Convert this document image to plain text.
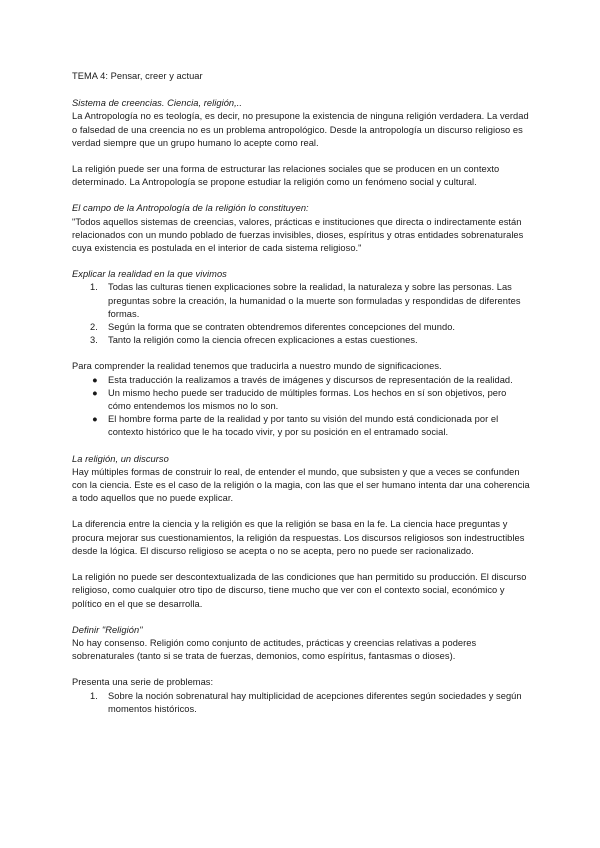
TEMA 4: Pensar, creer y actuar

Sistema de creencias. Ciencia, religión,..

La Antropología no es teología, es decir, no presupone la existencia de ninguna religión verdadera. La verdad o falsedad de una creencia no es un problema antropológico. Desde la antropología un discurso religioso es verdad siempre que un grupo humano lo acepte como real.

La religión puede ser una forma de estructurar las relaciones sociales que se producen en un contexto determinado. La Antropología se propone estudiar la religión como un fenómeno social y cultural.

El campo de la Antropología de la religión lo constituyen:

"Todos aquellos sistemas de creencias, valores, prácticas e instituciones que directa o indirectamente están relacionados con un mundo poblado de fuerzas invisibles, dioses, espíritus y otras entidades sobrenaturales cuya existencia es postulada en el interior de cada sistema religioso."

Explicar la realidad en la que vivimos

1. Todas las culturas tienen explicaciones sobre la realidad, la naturaleza y sobre las personas. Las preguntas sobre la creación, la humanidad o la muerte son formuladas y respondidas de diferentes formas.
2. Según la forma que se contraten obtendremos diferentes concepciones del mundo.
3. Tanto la religión como la ciencia ofrecen explicaciones a estas cuestiones.

Para comprender la realidad tenemos que traducirla a nuestro mundo de significaciones.

● Esta traducción la realizamos a través de imágenes y discursos de representación de la realidad.
● Un mismo hecho puede ser traducido de múltiples formas. Los hechos en sí son objetivos, pero cómo entendemos los mismos no lo son.
● El hombre forma parte de la realidad y por tanto su visión del mundo está condicionada por el contexto histórico que le ha tocado vivir, y por su posición en el entramado social.

La religión, un discurso

Hay múltiples formas de construir lo real, de entender el mundo, que subsisten y que a veces se confunden con la ciencia. Este es el caso de la religión o la magia, con las que el ser humano intenta dar una coherencia a todo aquellos que no puede explicar.

La diferencia entre la ciencia y la religión es que la religión se basa en la fe. La ciencia hace preguntas y procura mejorar sus cuestionamientos, la religión da respuestas. Los discursos religiosos son indestructibles desde la lógica. El discurso religioso se acepta o no se acepta, pero no puede ser racionalizado.

La religión no puede ser descontextualizada de las condiciones que han permitido su producción. El discurso religioso, como cualquier otro tipo de discurso, tiene mucho que ver con el contexto social, económico y político en el que se desarrolla.

Definir "Religión"

No hay consenso. Religión como conjunto de actitudes, prácticas y creencias relativas a poderes sobrenaturales (tanto si se trata de fuerzas, demonios, como espíritus, fantasmas o dioses).

Presenta una serie de problemas:

1. Sobre la noción sobrenatural hay multiplicidad de acepciones diferentes según sociedades y según momentos históricos.
